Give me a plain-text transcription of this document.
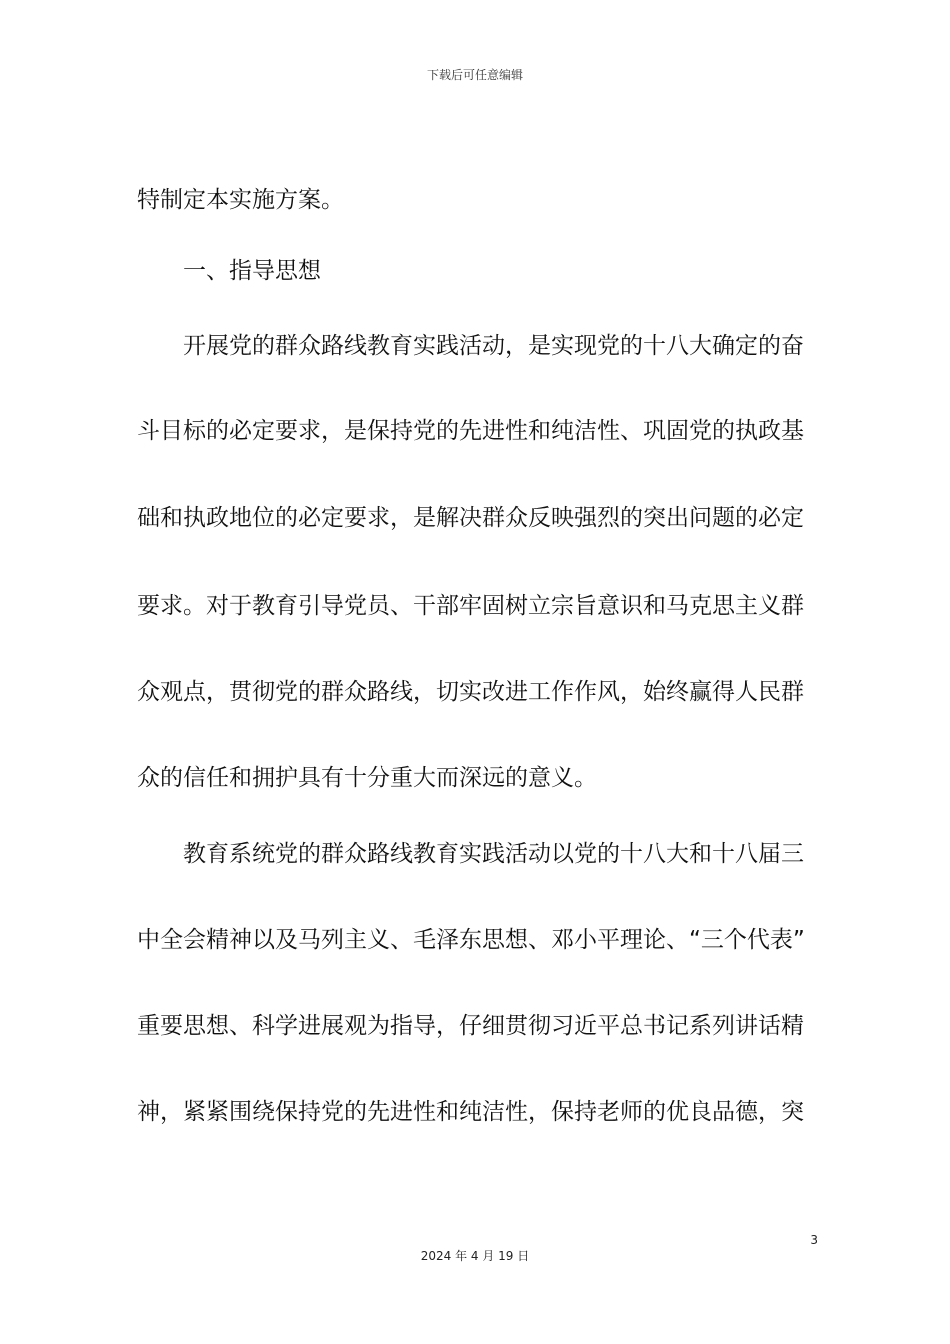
下载后可任意编辑
特制定本实施方案。
一、指导思想
开展党的群众路线教育实践活动，是实现党的十八大确定的奋
斗目标的必定要求，是保持党的先进性和纯洁性、巩固党的执政基
础和执政地位的必定要求，是解决群众反映强烈的突出问题的必定
要求。对于教育引导党员、干部牢固树立宗旨意识和马克思主义群
众观点，贯彻党的群众路线，切实改进工作作风，始终赢得人民群
众的信任和拥护具有十分重大而深远的意义。
教育系统党的群众路线教育实践活动以党的十八大和十八届三
中全会精神以及马列主义、毛泽东思想、邓小平理论、“三个代表”
重要思想、科学进展观为指导，仔细贯彻习近平总书记系列讲话精
神，紧紧围绕保持党的先进性和纯洁性，保持老师的优良品德，突
3
2024 年 4 月 19 日
